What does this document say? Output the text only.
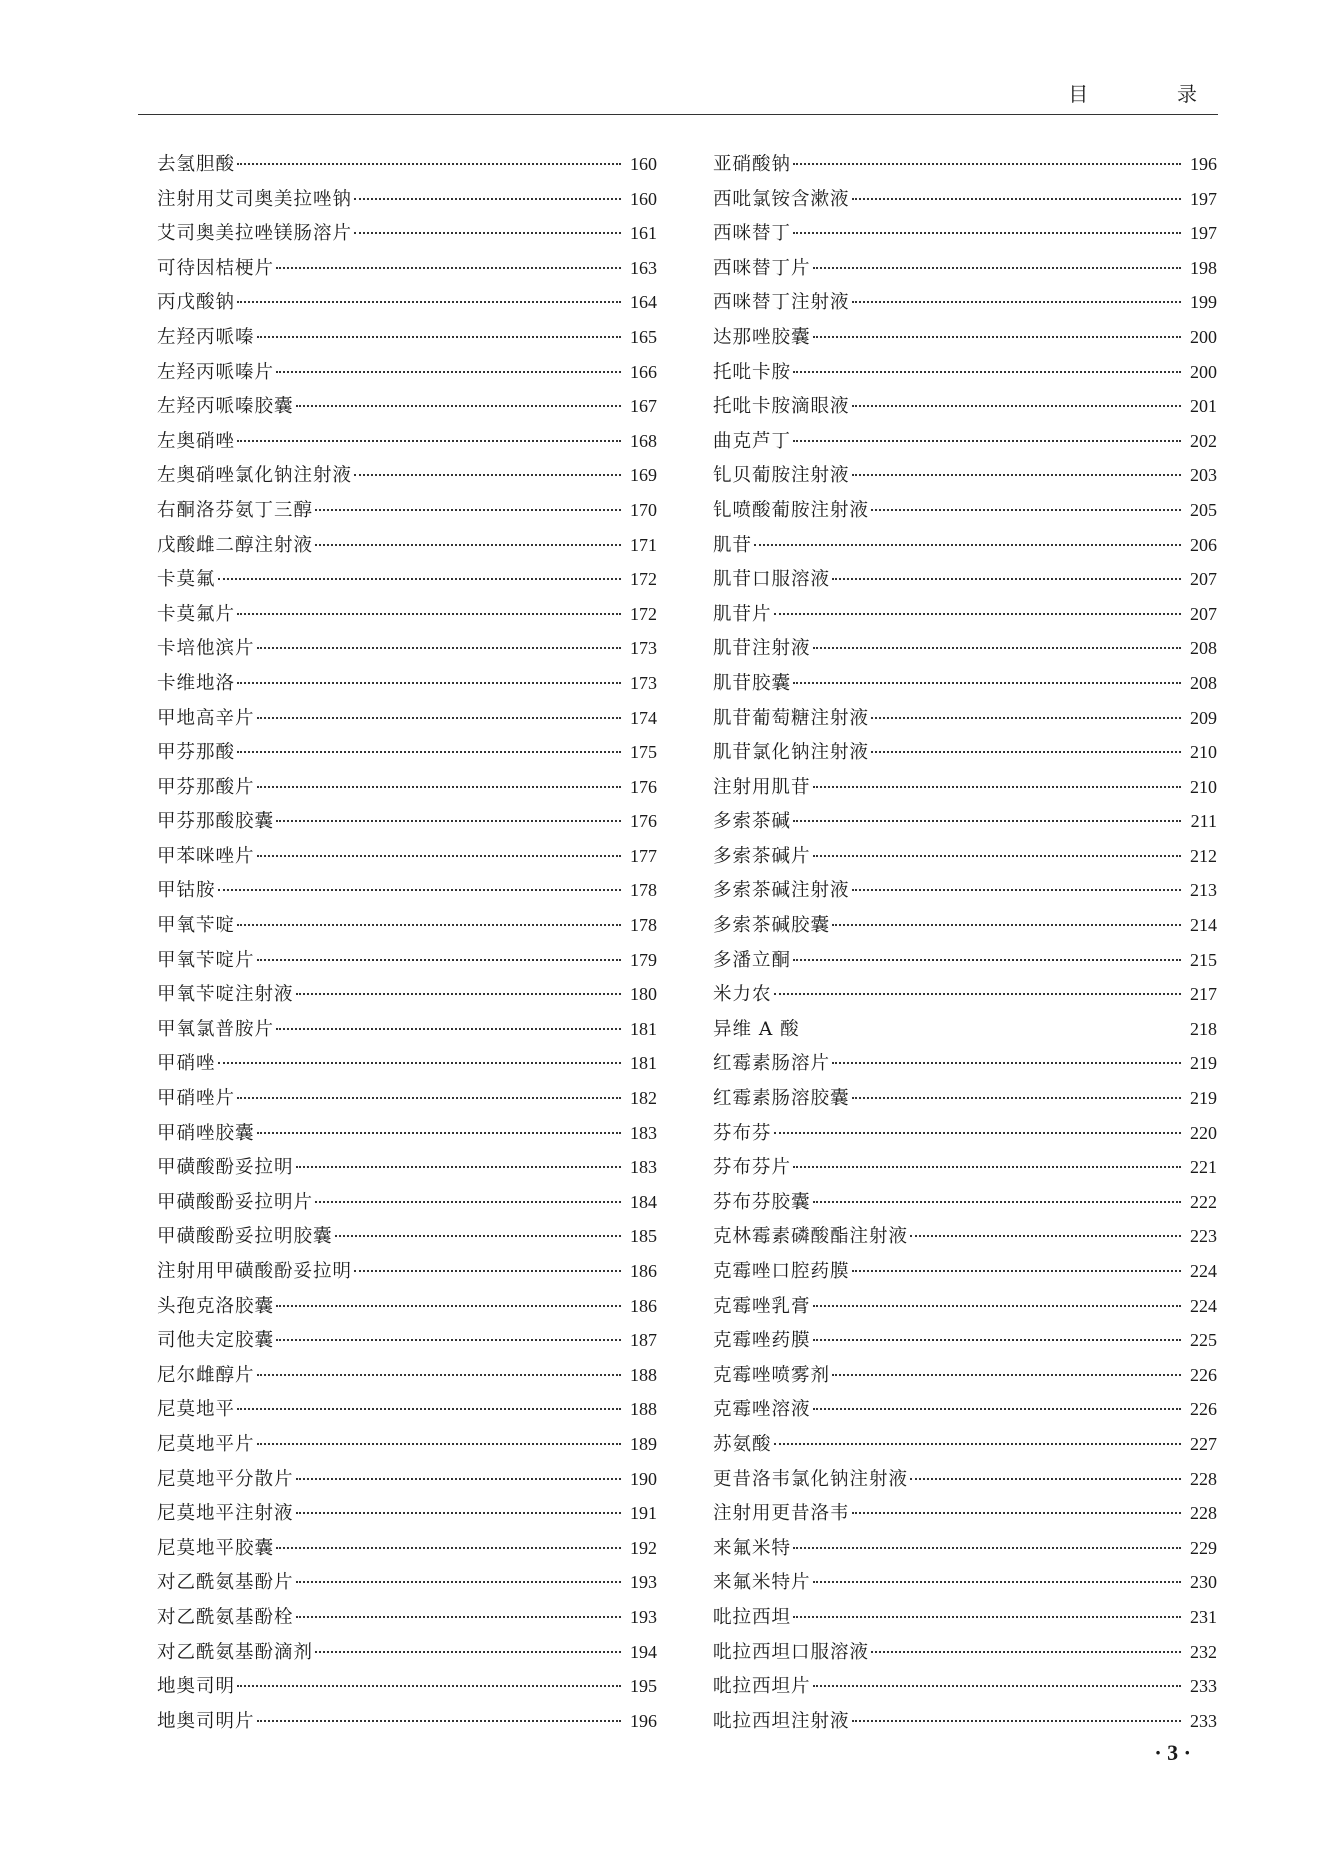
目	录
去氢胆酸	160
注射用艾司奥美拉唑钠	160
艾司奥美拉唑镁肠溶片	161
可待因桔梗片	163
丙戊酸钠	164
左羟丙哌嗪	165
左羟丙哌嗪片	166
左羟丙哌嗪胶囊	167
左奥硝唑	168
左奥硝唑氯化钠注射液	169
右酮洛芬氨丁三醇	170
戊酸雌二醇注射液	171
卡莫氟	172
卡莫氟片	172
卡培他滨片	173
卡维地洛	173
甲地高辛片	174
甲芬那酸	175
甲芬那酸片	176
甲芬那酸胶囊	176
甲苯咪唑片	177
甲钴胺	178
甲氧苄啶	178
甲氧苄啶片	179
甲氧苄啶注射液	180
甲氧氯普胺片	181
甲硝唑	181
甲硝唑片	182
甲硝唑胶囊	183
甲磺酸酚妥拉明	183
甲磺酸酚妥拉明片	184
甲磺酸酚妥拉明胶囊	185
注射用甲磺酸酚妥拉明	186
头孢克洛胶囊	186
司他夫定胶囊	187
尼尔雌醇片	188
尼莫地平	188
尼莫地平片	189
尼莫地平分散片	190
尼莫地平注射液	191
尼莫地平胶囊	192
对乙酰氨基酚片	193
对乙酰氨基酚栓	193
对乙酰氨基酚滴剂	194
地奥司明	195
地奥司明片	196
亚硝酸钠	196
西吡氯铵含漱液	197
西咪替丁	197
西咪替丁片	198
西咪替丁注射液	199
达那唑胶囊	200
托吡卡胺	200
托吡卡胺滴眼液	201
曲克芦丁	202
钆贝葡胺注射液	203
钆喷酸葡胺注射液	205
肌苷	206
肌苷口服溶液	207
肌苷片	207
肌苷注射液	208
肌苷胶囊	208
肌苷葡萄糖注射液	209
肌苷氯化钠注射液	210
注射用肌苷	210
多索茶碱	211
多索茶碱片	212
多索茶碱注射液	213
多索茶碱胶囊	214
多潘立酮	215
米力农	217
异维 A 酸	218
红霉素肠溶片	219
红霉素肠溶胶囊	219
芬布芬	220
芬布芬片	221
芬布芬胶囊	222
克林霉素磷酸酯注射液	223
克霉唑口腔药膜	224
克霉唑乳膏	224
克霉唑药膜	225
克霉唑喷雾剂	226
克霉唑溶液	226
苏氨酸	227
更昔洛韦氯化钠注射液	228
注射用更昔洛韦	228
来氟米特	229
来氟米特片	230
吡拉西坦	231
吡拉西坦口服溶液	232
吡拉西坦片	233
吡拉西坦注射液	233
· 3 ·
